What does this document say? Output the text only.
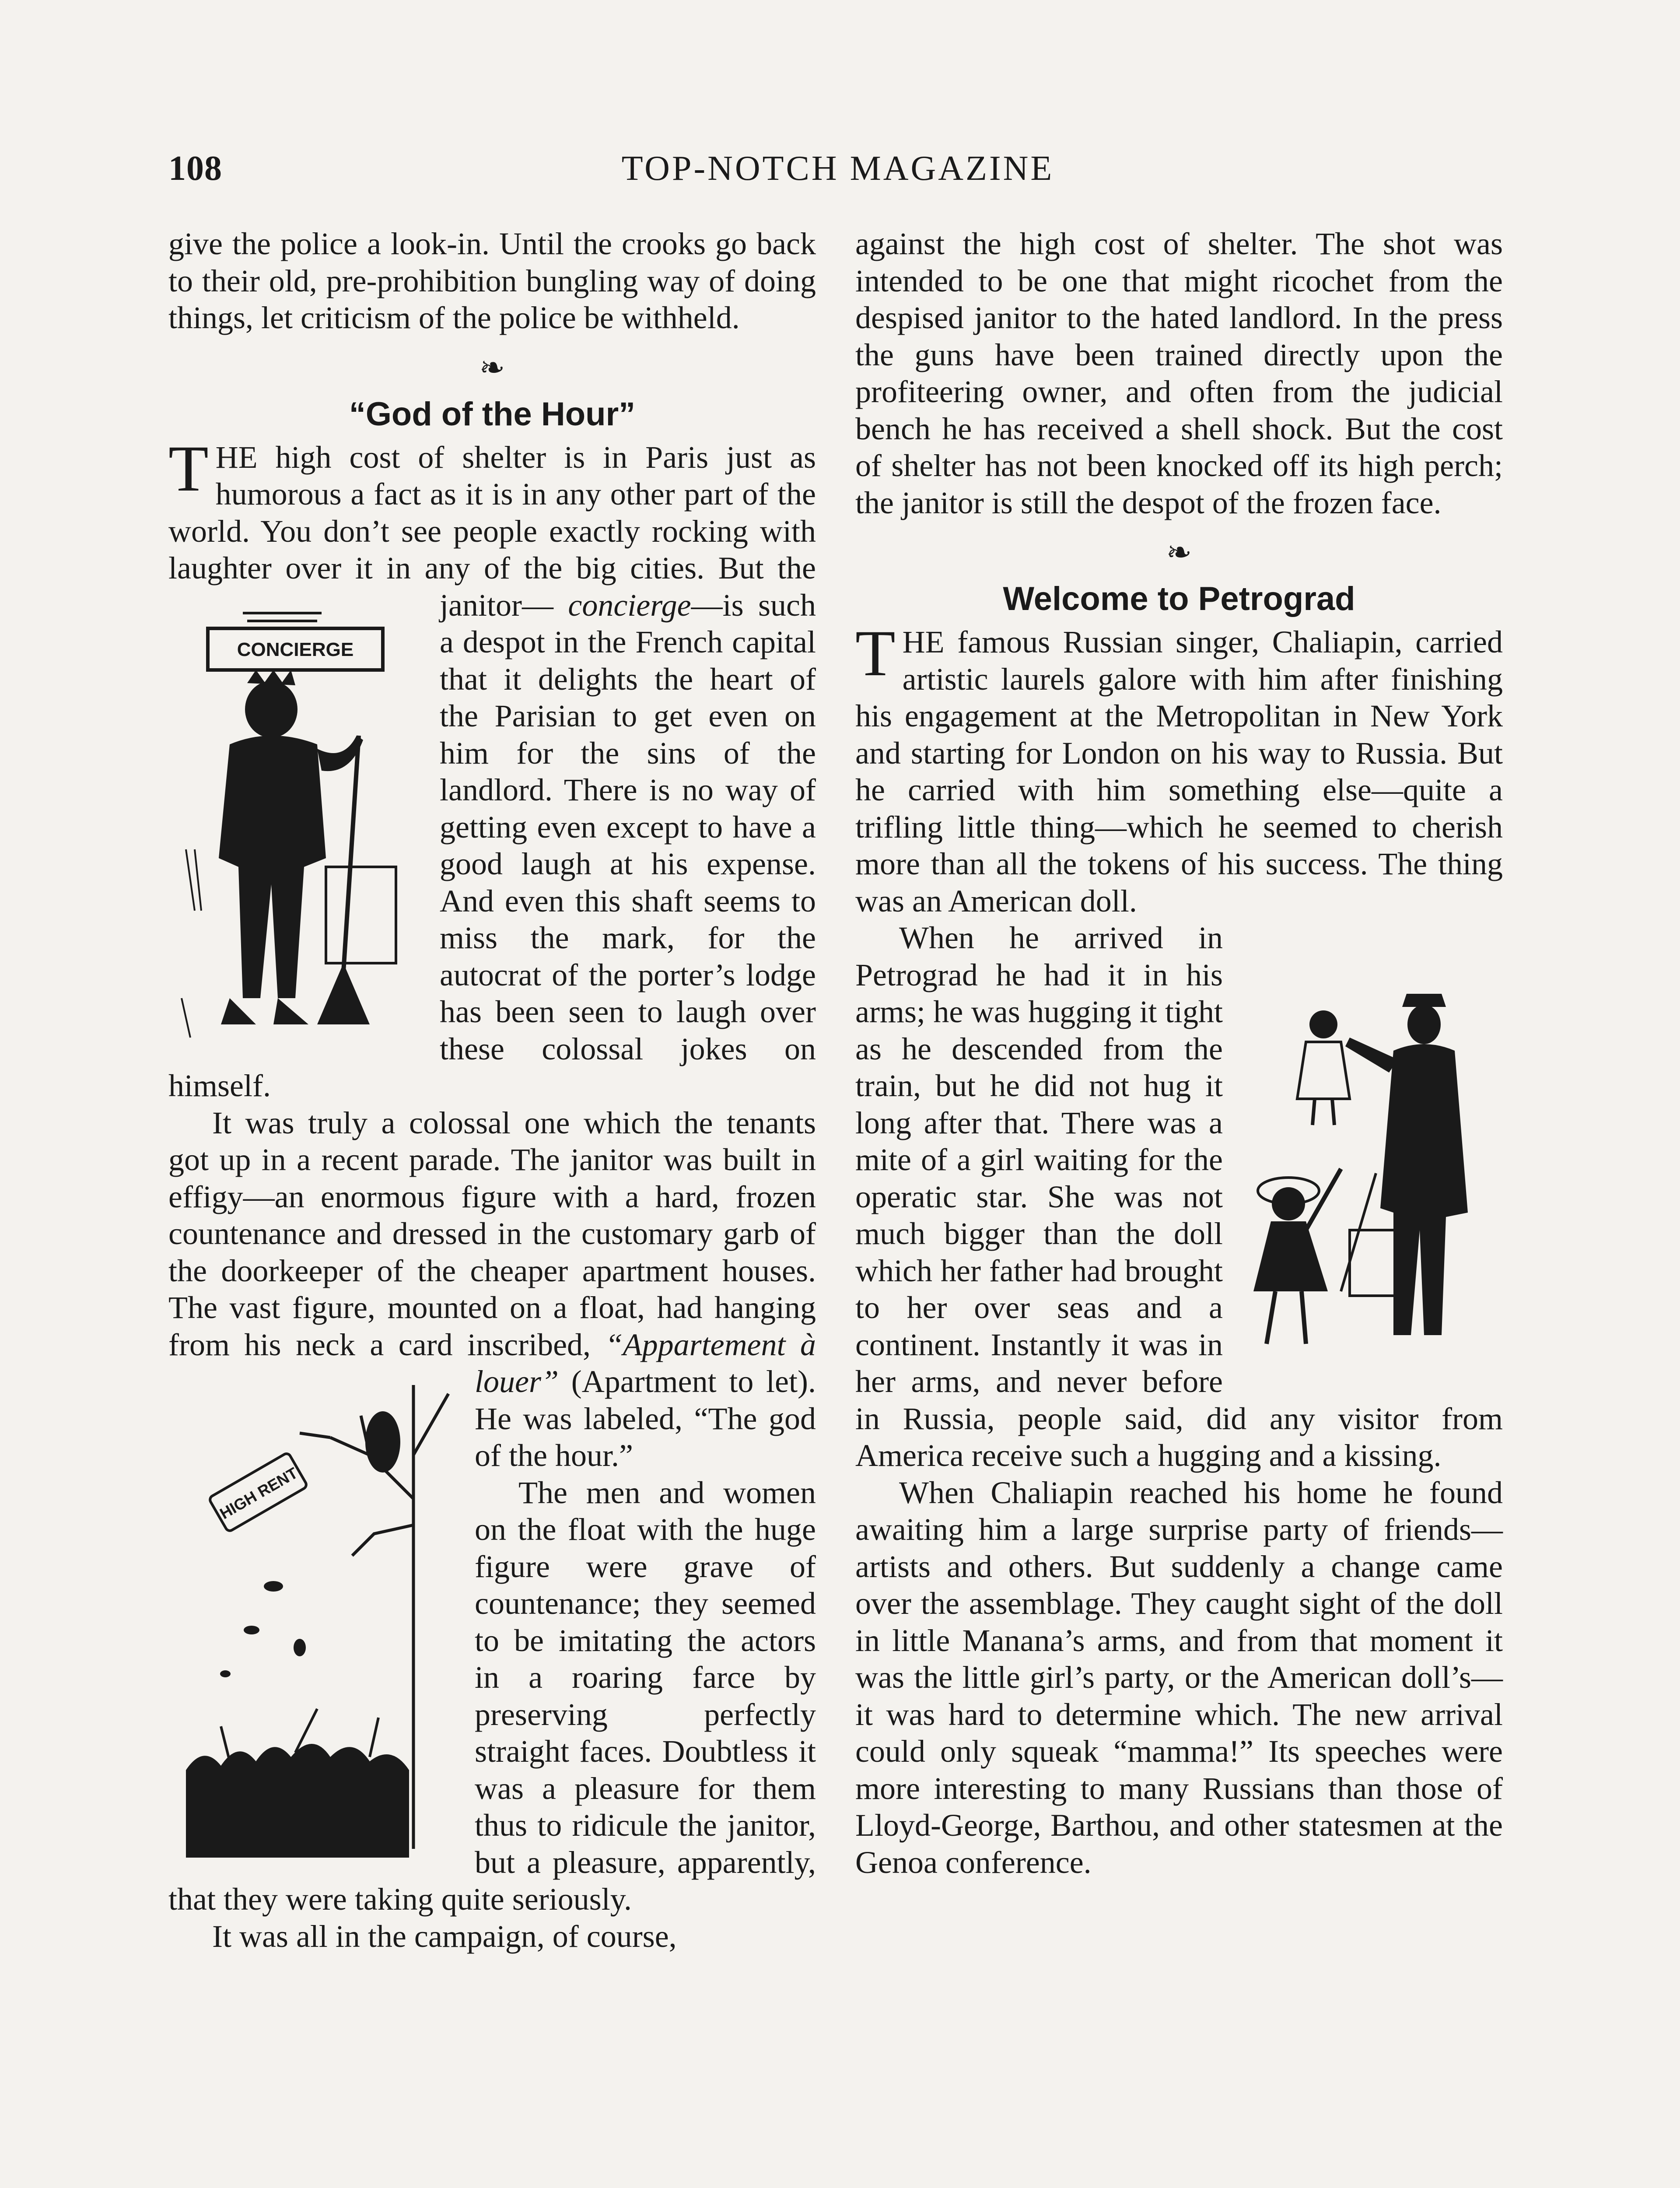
108	TOP-NOTCH MAGAZINE

give the police a look-in. Until the crooks go back to their old, pre-prohibition bungling way of doing things, let criticism of the police be withheld.

❧
“God of the Hour”

T HE high cost of shelter is in Paris just as humorous a fact as it is in any other part of the world. You don’t see people exactly rocking with laughter over it in any of the big cities. But the janitor—
CONCIERGE
concierge—is such a despot in the French capital that it delights the heart of the Parisian to get even on him for the sins of the landlord. There is no way of getting even except to have a good laugh at his expense. And even this shaft seems to miss the mark, for the autocrat of the porter’s lodge has been seen to laugh over these colossal jokes on himself.

It was truly a colossal one which the tenants got up in a recent parade. The janitor was built in effigy—an enormous figure with a hard, frozen countenance and dressed in the customary garb of the doorkeeper of the cheaper apartment houses. The vast figure, mounted on a float, had hanging from his neck a card inscribed, “Appartement à louer”
HIGH RENT
(Apartment to let). He was labeled, “The god of the hour.”

The men and women on the float with the huge figure were grave of countenance; they seemed to be imitating the actors in a roaring farce by preserving perfectly straight faces. Doubtless it was a pleasure for them thus to ridicule the janitor, but a pleasure, apparently, that they were taking quite seriously.

It was all in the campaign, of course,

against the high cost of shelter. The shot was intended to be one that might ricochet from the despised janitor to the hated landlord. In the press the guns have been trained directly upon the profiteering owner, and often from the judicial bench he has received a shell shock. But the cost of shelter has not been knocked off its high perch; the janitor is still the despot of the frozen face.

❧
Welcome to Petrograd

T HE famous Russian singer, Chaliapin, carried artistic laurels galore with him after finishing his engagement at the Metropolitan in New York and starting for London on his way to Russia. But he carried with him something else—quite a trifling little thing—which he seemed to cherish more than all the tokens of his success. The thing was an American doll.

When he arrived in Petrograd he had it in his arms; he was hugging it tight as he descended from the train, but he did not hug it long after that. There was a mite of a girl waiting for the operatic star. She was not much bigger than the doll which her father had brought to her over seas and a continent. Instantly it was in her arms, and never before in Russia, people said, did any visitor from America receive such a hugging and a kissing.

When Chaliapin reached his home he found awaiting him a large surprise party of friends—artists and others. But suddenly a change came over the assemblage. They caught sight of the doll in little Manana’s arms, and from that moment it was the little girl’s party, or the American doll’s—it was hard to determine which. The new arrival could only squeak “mamma!” Its speeches were more interesting to many Russians than those of Lloyd-George, Barthou, and other statesmen at the Genoa conference.
